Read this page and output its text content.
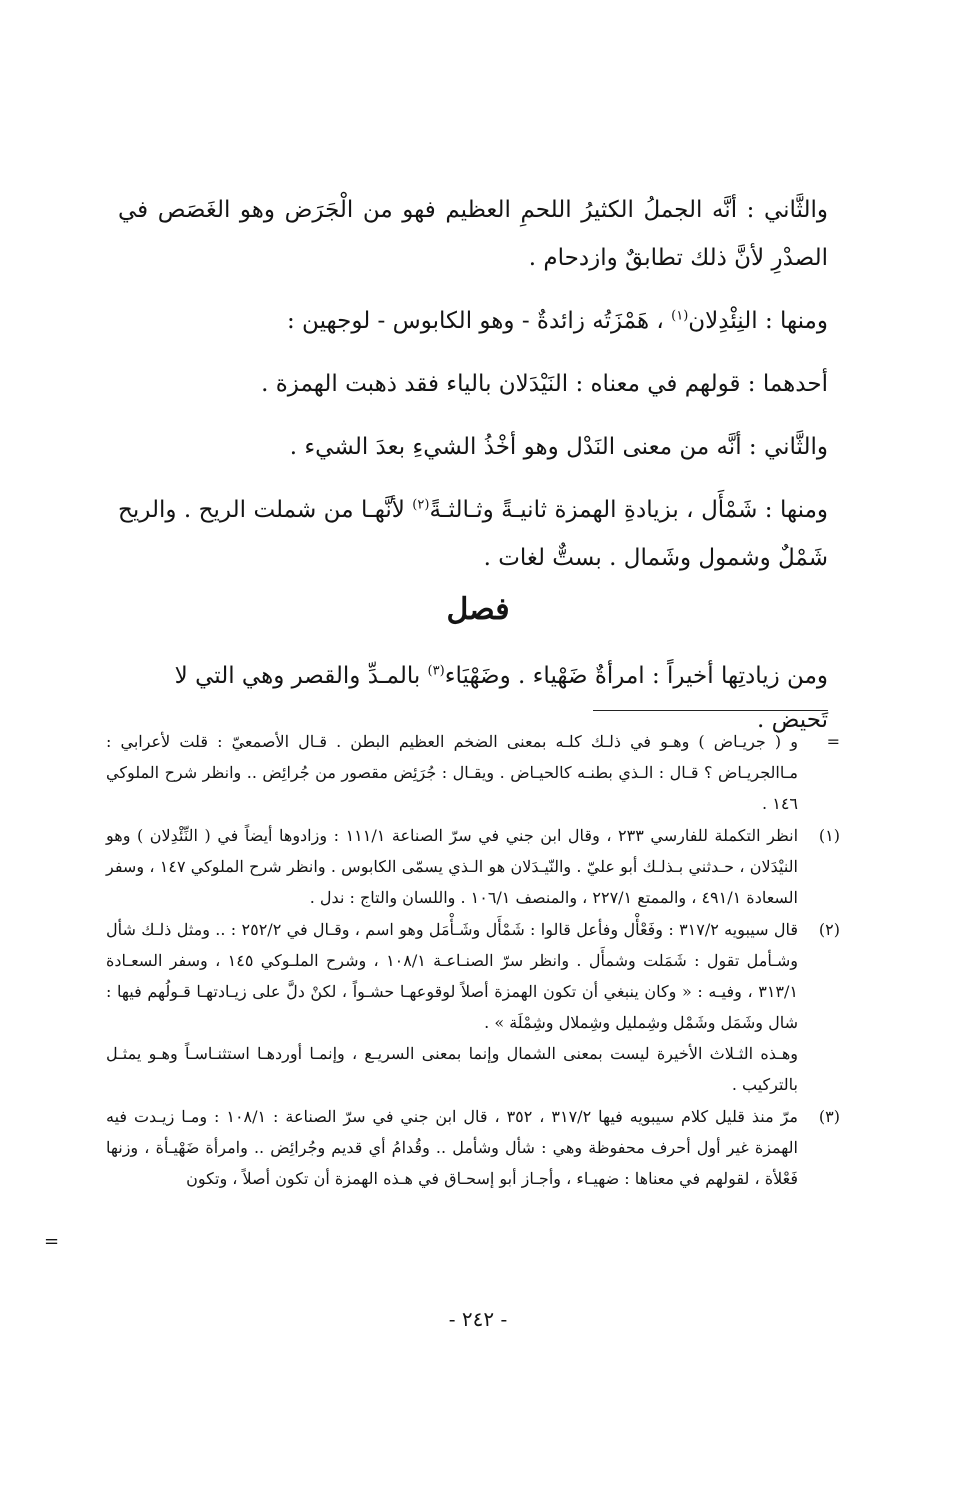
والثَّاني : أنَّه الجملُ الكثيرُ اللحمِ العظيم فهو من الْجَرَض وهو الغَصَص في الصدْرِ لأنَّ ذلك تطابقٌ وازدحام .

ومنها : النِئْدِلان$^{(١)}$ ، هَمْزَتُه زائدةٌ - وهو الكابوس - لوجهين :

أحدهما : قولهم في معناه : النَيْدَلان بالياء فقد ذهبت الهمزة .

والثَّاني : أنَّه من معنى النَدْل وهو أخْذُ الشيءِ بعدَ الشيء .

ومنها : شَمْأَل ، بزيادةِ الهمزة ثانيـةً وثـالثـةً$^{(٢)}$ لأنَّهـا من شملت الريح . والريح شَمْلٌ وشمول وشَمال . بستٌّ لغات .

فصل
ومن زيادتِها أخيراً : امرأةٌ ضَهْياء . وضَهْيَاء$^{(٣)}$ بالمـدِّ والقصر وهي التي لا تَحيض .
=
و ( جريـاض ) وهـو في ذلـك كلـه بمعنى الضخم العظيم البطن . قـال الأصمعيّ : قلت لأعرابي : مـاالجريـاض ؟ قـال : الـذي بطنـه كالحيـاض . ويقـال : جُرَئِض مقصور من جُرائِض .. وانظر شرح الملوكي ١٤٦ .
(١)

انظر التكملة للفارسي ٢٣٣ ، وقال ابن جني في سرّ الصناعة ١١١/١ : وزادوها أيضاً في ( النِّئْدِلان ) وهو النيْدَلان ، حـدثني بـذلـك أبو عليّ . والنّيـدَلان هو الـذي يسمّى الكابوس . وانظر شرح الملوكي ١٤٧ ، وسفر السعادة ٤٩١/١ ، والممتع ٢٢٧/١ ، والمنصف ١٠٦/١ . واللسان والتاج : ندل .

(٢)

قال سيبويه ٣١٧/٢ : وفَعْأْل وفأعل قالوا : شَمْأَل وشَـأْمَل وهو اسم ، وقـال في ٢٥٢/٢ : .. ومثل ذلـك شأل وشـأمل تقول : شَمَلت وشمأَل . وانظر سرّ الصنـاعـة ١٠٨/١ ، وشرح الملـوكي ١٤٥ ، وسفر السعـادة ٣١٣/١ ، وفيـه : « وكان ينبغي أن تكون الهمزة أصلاً لوقوعهـا حشـواً ، لكنْ دلَّ على زيـادتهـا قـولُهم فيها : شال وشَمَل وشَمْل وشِمليل وشِملال وشِمْلَة » .

وهـذه الثـلاث الأخيرة ليست بمعنى الشمال وإنما بمعنى السريـع ، وإنمـا أوردهـا استثنـاسـاً وهـو يمثـل بالتركيب .

(٣)

مرّ منذ قليل كلام سيبويه فيها ٣١٧/٢ ، ٣٥٢ ، قال ابن جني في سرّ الصناعة : ١٠٨/١ : ومـا زيـدت فيه الهمزة غير أول أحرف محفوظة وهي : شأل وشأمل .. وقُدامُ أي قديم وجُرائِض .. وامرأة ضَهْيـأة ، وزنها فَعْلأة ، لقولهم في معناها : ضهيـاء ، وأجـاز أبو إسحـاق في هـذه الهمزة أن تكون أصلاً ، وتكون

=
- ٢٤٢ -
